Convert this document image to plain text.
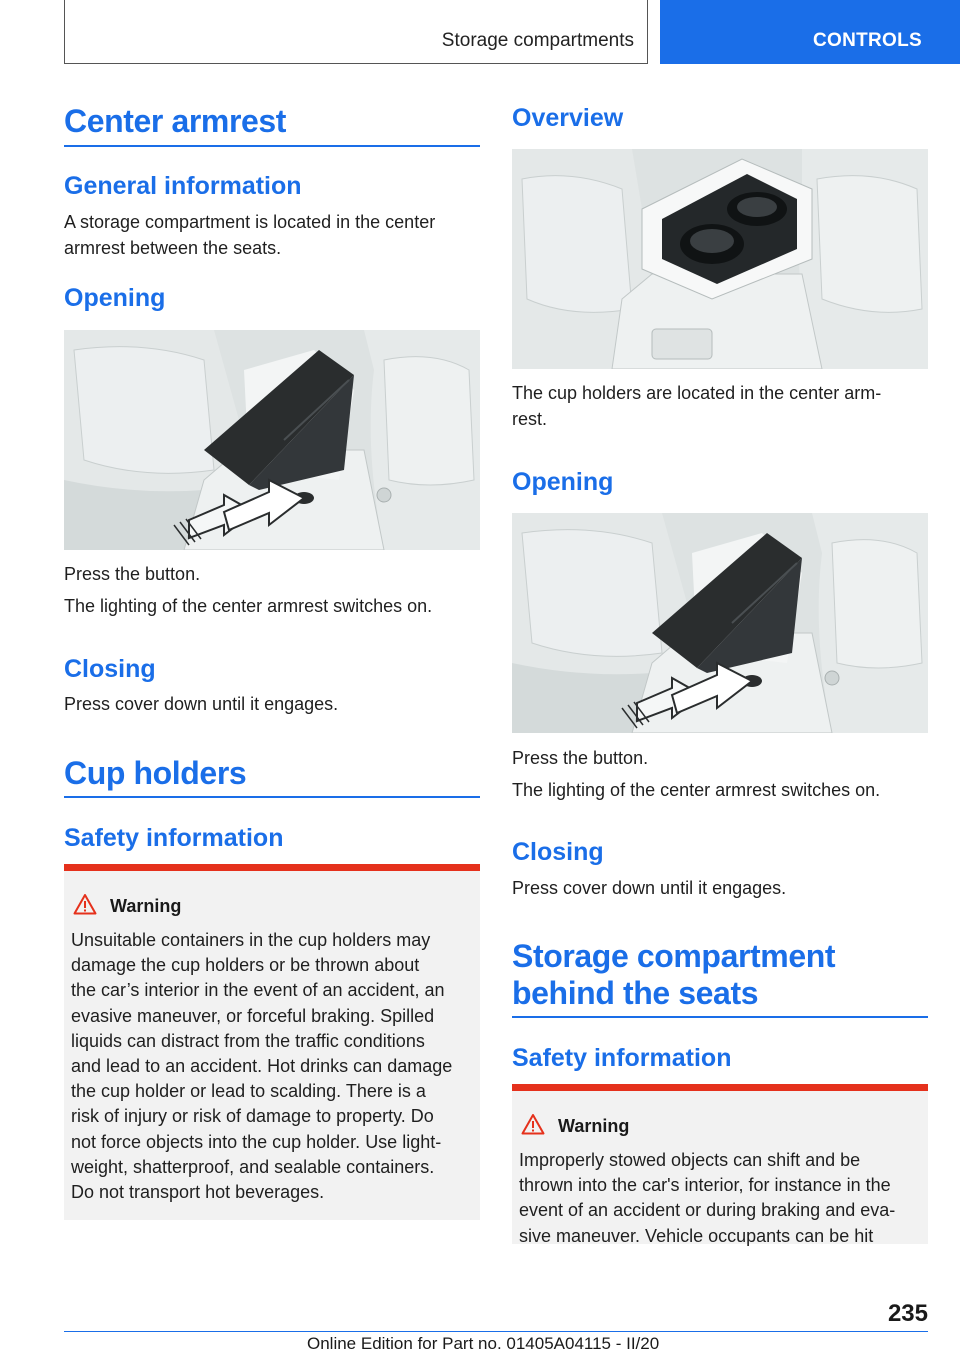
Storage compartments	CONTROLS
Center armrest
General information
A storage compartment is located in the center
armrest between the seats.
Opening
Press the button.
The lighting of the center armrest switches on.
Closing
Press cover down until it engages.
Cup holders
Safety information
Warning
Unsuitable containers in the cup holders may
damage the cup holders or be thrown about
the car’s interior in the event of an accident, an
evasive maneuver, or forceful braking. Spilled
liquids can distract from the traffic conditions
and lead to an accident. Hot drinks can damage
the cup holder or lead to scalding. There is a
risk of injury or risk of damage to property. Do
not force objects into the cup holder. Use light-
weight, shatterproof, and sealable containers.
Do not transport hot beverages.
Overview
The cup holders are located in the center arm-
rest.
Opening
Press the button.
The lighting of the center armrest switches on.
Closing
Press cover down until it engages.
Storage compartment
behind the seats
Safety information
Warning
Improperly stowed objects can shift and be
thrown into the car's interior, for instance in the
event of an accident or during braking and eva-
sive maneuver. Vehicle occupants can be hit
235
Online Edition for Part no. 01405A04115 - II/20
